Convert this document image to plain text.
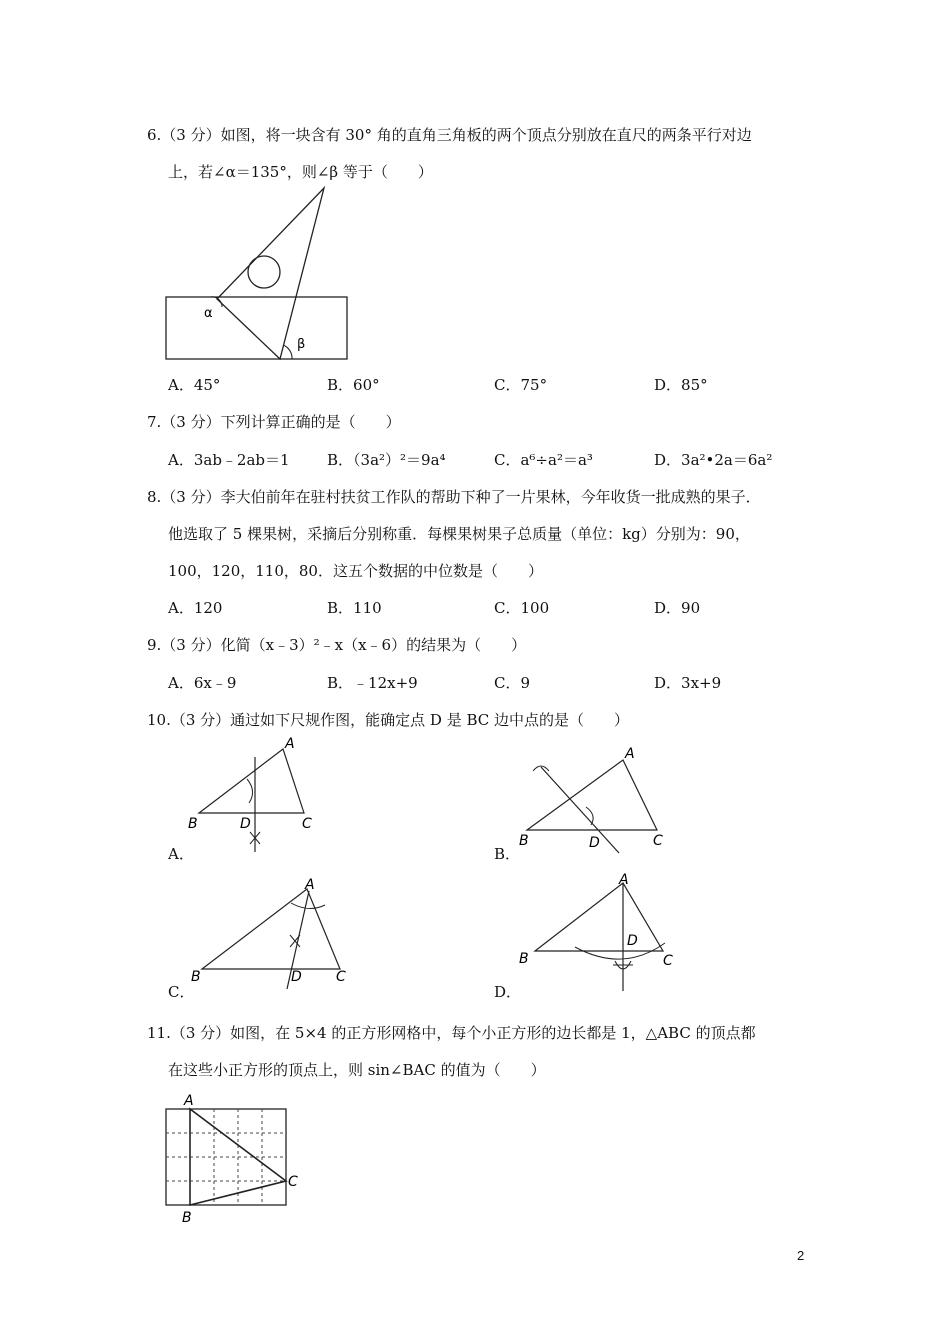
6.（3 分）如图，将一块含有 30° 角的直角三角板的两个顶点分别放在直尺的两条平行对边
上，若∠α＝135°，则∠β 等于（　　）
α
β
A．45°	B．60°	C．75°	D．85°
7.（3 分）下列计算正确的是（　　）
A．3ab﹣2ab＝1 B．（3a²）²＝9a⁴	C．a⁶÷a²＝a³	D．3a²•2a＝6a²
8.（3 分）李大伯前年在驻村扶贫工作队的帮助下种了一片果林，今年收货一批成熟的果子．
他选取了 5 棵果树，采摘后分别称重．每棵果树果子总质量（单位：kg）分别为：90，
100，120，110，80．这五个数据的中位数是（　　）
A．120	B．110	C．100	D．90
9.（3 分）化简（x﹣3）²﹣x（x﹣6）的结果为（　　）
A．6x﹣9	B．﹣12x+9	C．9	D．3x+9
10.（3 分）通过如下尺规作图，能确定点 D 是 BC 边中点的是（　　）
A
B	C
D
A．
A
B	C
D
B．
A
B	C
D
C．
A
B	C
D
D．
11.（3 分）如图，在 5×4 的正方形网格中，每个小正方形的边长都是 1，△ABC 的顶点都
在这些小正方形的顶点上，则 sin∠BAC 的值为（　　）
A
B
C
2
